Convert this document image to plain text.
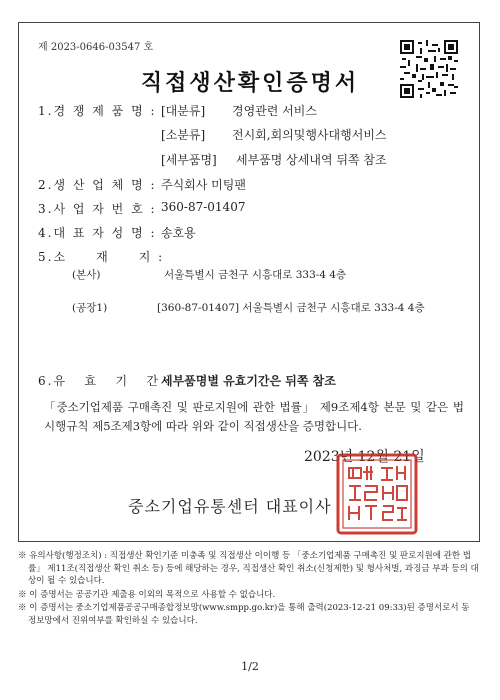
제 2023-0646-03547 호
직접생산확인증명서
1.경 쟁 제 품 명 : [대분류] 경영관련 서비스
[소분류] 전시회,회의및행사대행서비스
[세부품명] 세부품명 상세내역 뒤쪽 참조
2.생 산 업 체 명 : 주식회사 미팅팬
3.사 업 자 번 호 : 360-87-01407
4.대 표 자 성 명 : 송호용
5.소     재     지 :
(본사)	서울특별시 금천구 시흥대로 333-4 4층
(공장1)	[360-87-01407] 서울특별시 금천구 시흥대로 333-4 4층
6.유   효   기   간 :
세부품명별 유효기간은 뒤쪽 참조
「중소기업제품 구매촉진 및 판로지원에 관한 법률」 제9조제4항 본문 및 같은 법 시행규칙 제5조제3항에 따라 위와 같이 직접생산을 증명합니다.
2023년 12월 21일
중소기업유통센터 대표이사

※ 유의사항(행정조치) : 직접생산 확인기준 미충족 및 직접생산 이이행 등 「중소기업제품 구매촉진 및 판로지원에 관한 법률」 제11조(직접생산 확인 취소 등) 등에 해당하는 경우, 직접생산 확인 취소(신청제한) 및 형사처벌, 과징금 부과 등의 대상이 될 수 있습니다.

※ 이 증명서는 공공기관 제출용 이외의 목적으로 사용할 수 없습니다.

※ 이 증명서는 중소기업제품공공구매종합정보망(www.smpp.go.kr)을 통해 출력(2023-12-21 09:33)된 증명서로서 동 정보망에서 진위여부를 확인하실 수 있습니다.

1/2
